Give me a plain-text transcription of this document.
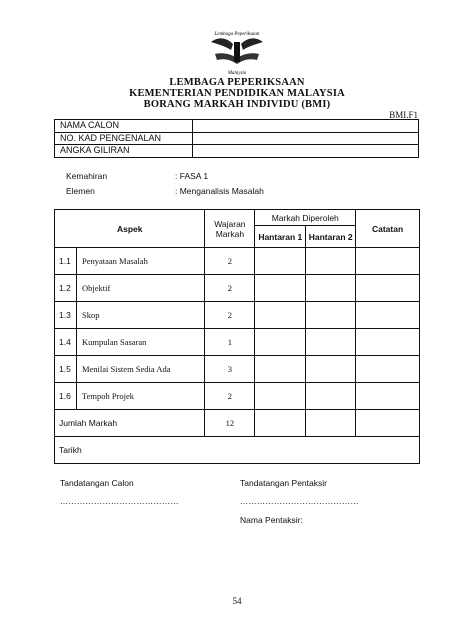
Lembaga Peperiksaan
Malaysia
LEMBAGA PEPERIKSAAN
KEMENTERIAN PENDIDIKAN MALAYSIA
BORANG MARKAH INDIVIDU (BMI)
BMI.F1
NAMA CALON	
NO. KAD PENGENALAN	
ANGKA GILIRAN	
Kemahiran	: FASA 1
Elemen	: Menganalisis Masalah
Aspek		Wajaran Markah	Markah Diperoleh		Catatan
			Hantaran 1	Hantaran 2	
1.1	Penyataan Masalah	2			
1.2	Objektif	2			
1.3	Skop	2			
1.4	Kumpulan Sasaran	1			
1.5	Menilai Sistem Sedia Ada	3			
1.6	Tempoh Projek	2			
Jumlah Markah		12			
Tarikh					
Tandatangan Calon	Tandatangan Pentaksir
……………………………………	……………………………………
Nama Pentaksir:
54
